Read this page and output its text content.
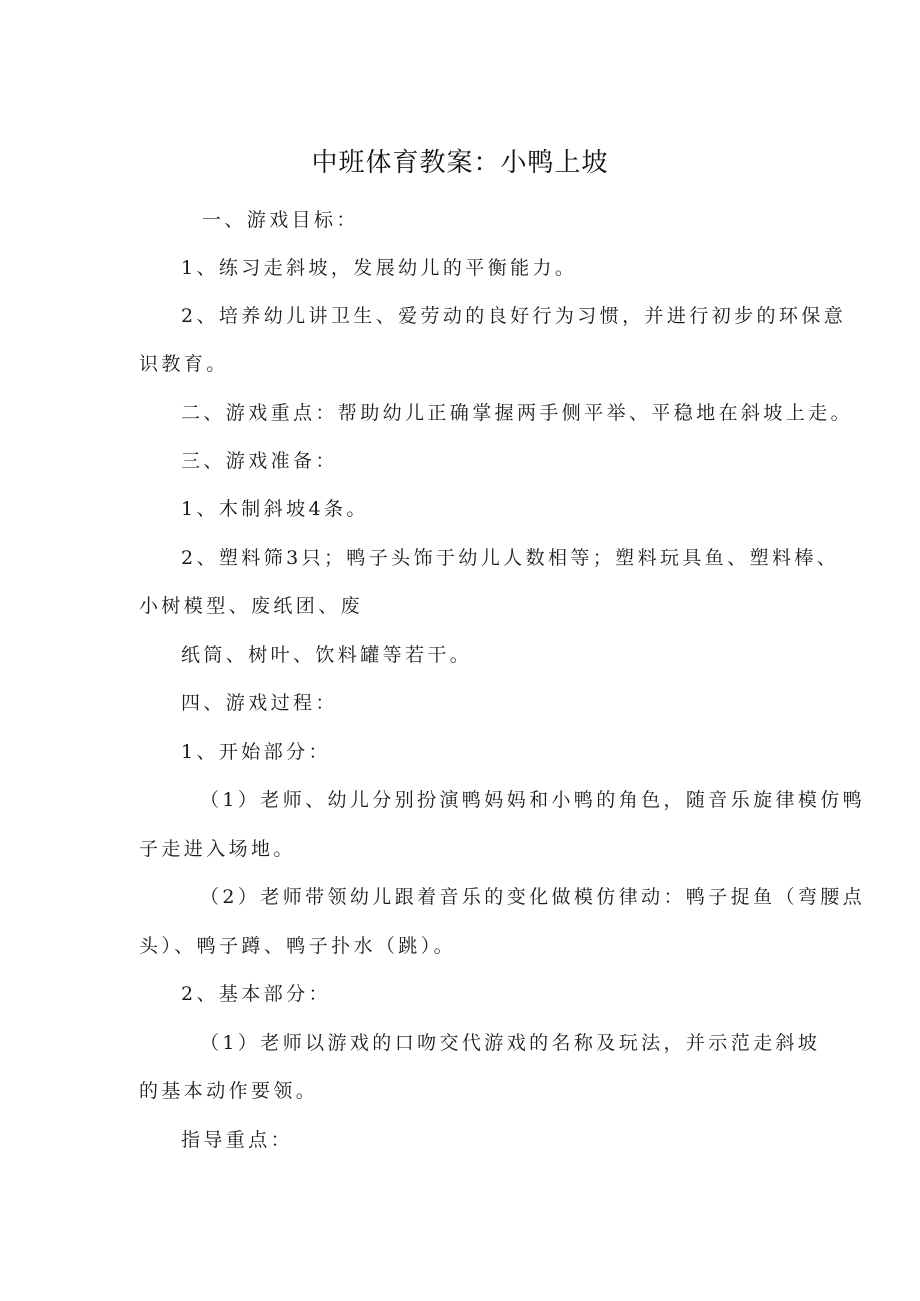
中班体育教案：小鸭上坡
一、游戏目标：
1、练习走斜坡，发展幼儿的平衡能力。
2、培养幼儿讲卫生、爱劳动的良好行为习惯，并进行初步的环保意
识教育。
二、游戏重点：帮助幼儿正确掌握两手侧平举、平稳地在斜坡上走。
三、游戏准备：
1、木制斜坡4条。
2、塑料筛3只；鸭子头饰于幼儿人数相等；塑料玩具鱼、塑料棒、
小树模型、废纸团、废
纸筒、树叶、饮料罐等若干。
四、游戏过程：
1、开始部分：
（1）老师、幼儿分别扮演鸭妈妈和小鸭的角色，随音乐旋律模仿鸭
子走进入场地。
（2）老师带领幼儿跟着音乐的变化做模仿律动：鸭子捉鱼（弯腰点
头）、鸭子蹲、鸭子扑水（跳）。
2、基本部分：
（1）老师以游戏的口吻交代游戏的名称及玩法，并示范走斜坡
的基本动作要领。
指导重点：
